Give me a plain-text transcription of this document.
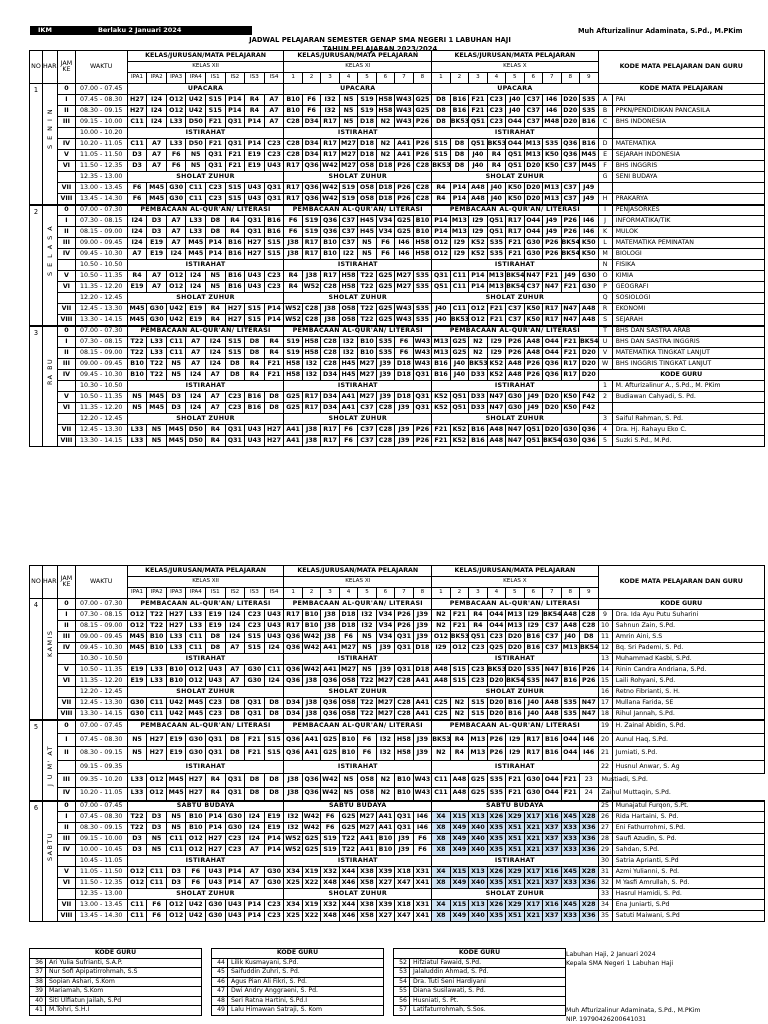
IKM	Berlaku 2 Januari 2024	Muh Afturizalinur Adaminata, S.Pd., M.PKim
JADWAL PELAJARAN SEMESTER GENAP SMA NEGERI 1 LABUHAN HAJI
TAHUN PELAJARAN 2023/2024
NO	HARI	JAM
KE	WAKTU	KELAS/JURUSAN/MATA PELAJARAN								KELAS/JURUSAN/MATA PELAJARAN								KELAS/JURUSAN/MATA PELAJARAN									KODE MATA PELAJARAN DAN GURU	
				KELAS XII								KELAS XI								KELAS X										
				IPA1	IPA2	IPA3	IPA4	IS1	IS2	IS3	IS4	1	2	3	4	5	6	7	8	1	2	3	4	5	6	7	8	9		

1	S E N I N	0	07.00 - 07.45	UPACARA								UPACARA								UPACARA									KODE MATA PELAJARAN	
		I	07.45 - 08.30	H27	I24	O12	U42	S15	P14	R4	A7	B10	F6	I32	N5	S19	H58	W43	G25	D8	B16	F21	C23	J40	C37	I46	D20	S35	A	PAI
		II	08.30 - 09.15	H27	I24	O12	U42	S15	P14	R4	A7	B10	F6	I32	N5	S19	H58	W43	G25	D8	B16	F21	C23	J40	C37	I46	D20	S35	B	PPKN/PENDIDIKAN PANCASILA
		III	09.15 - 10.00	C11	I24	L33	D50	F21	Q31	P14	A7	C28	D34	R17	N5	D18	N2	W43	P26	D8	BK53	Q51	C23	O44	C37	M48	D20	B16	C	BHS INDONESIA
			10.00 - 10.20	ISTIRAHAT								ISTIRAHAT								ISTIRAHAT										
		IV	10.20 - 11.05	C11	A7	L33	D50	F21	Q31	P14	C23	C28	D34	R17	M27	D18	N2	A41	P26	S15	D8	Q51	BK53	O44	M13	S35	Q36	B16	D	MATEMATIKA
		V	11.05 - 11.50	D3	A7	F6	N5	Q31	F21	E19	C23	C28	D34	R17	M27	D18	N2	A41	P26	S15	D8	J40	R4	Q51	M13	K50	Q36	M45	E	SEJARAH INDONESIA
		VI	11.50 - 12.35	D3	A7	F6	N5	Q31	F21	E19	U43	R17	Q36	W42	M27	O58	D18	P26	C28	BK53	D8	J40	R4	Q51	D20	K50	C37	M45	F	BHS INGGRIS
			12.35 - 13.00	SHOLAT ZUHUR								SHOLAT ZUHUR								SHOLAT ZUHUR									G	SENI BUDAYA
		VII	13.00 - 13.45	F6	M45	G30	C11	C23	S15	U43	Q31	R17	Q36	W42	S19	O58	D18	P26	C28	R4	P14	A48	J40	K50	D20	M13	C37	J49		
		VIII	13.45 - 14.30	F6	M45	G30	C11	C23	S15	U43	Q31	R17	Q36	W42	S19	O58	D18	P26	C28	R4	P14	A48	J40	K50	D20	M13	C37	J49	H	PRAKARYA

2	S E L A S A	0	07.00 - 07.30	PEMBACAAN AL-QUR'AN/ LITERASI								PEMBACAAN AL-QUR'AN/ LITERASI								PEMBACAAN AL-QUR'AN/ LITERASI									I	PENJASORKES
		I	07.30 - 08.15	I24	D3	A7	L33	D8	R4	Q31	B16	F6	S19	Q36	C37	H45	V34	G25	B10	P14	M13	I29	Q51	R17	O44	J49	P26	I46	J	INFORMATIKA/TIK
		II	08.15 - 09.00	I24	D3	A7	L33	D8	R4	Q31	B16	F6	S19	Q36	C37	H45	V34	G25	B10	P14	M13	I29	Q51	R17	O44	J49	P26	I46	K	MULOK
		III	09.00 - 09.45	I24	E19	A7	M45	P14	B16	H27	S15	J38	R17	B10	C37	N5	F6	I46	H58	O12	I29	K52	S35	F21	G30	P26	BK54	K50	L	MATEMATIKA PEMINATAN
		IV	09.45 - 10.30	A7	E19	I24	M45	P14	B16	H27	S15	J38	R17	B10	I22	N5	F6	I46	H58	O12	I29	K52	S35	F21	G30	P26	BK54	K50	M	BIOLOGI
			10.50 - 10.50	ISTIRAHAT								ISTIRAHAT								ISTIRAHAT									N	FISIKA
		V	10.50 - 11.35	R4	A7	O12	I24	N5	B16	U43	C23	R4	J38	R17	H58	T22	G25	M27	S35	Q31	C11	P14	M13	BK54	N47	F21	J49	G30	O	KIMIA
		VI	11.35 - 12.20	E19	A7	O12	I24	N5	B16	U43	C23	R4	W52	C28	H58	T22	G25	M27	S35	Q51	C11	P14	M13	BK54	C37	N47	F21	G30	P	GEOGRAFI
			12.20 - 12.45	SHOLAT ZUHUR								SHOLAT ZUHUR								SHOLAT ZUHUR									Q	SOSIOLOGI
		VII	12.45 - 13.30	M45	G30	U42	E19	R4	H27	S15	P14	W52	C28	J38	O58	T22	G25	W43	S35	J40	C11	O12	F21	C37	K50	R17	N47	A48	R	EKONOMI
		VIII	13.30 - 14.15	M45	G30	U42	E19	R4	H27	S15	P14	W52	C28	J38	O58	T22	G25	W43	S35	J40	BK53	O12	F21	C37	K50	R17	N47	A48	S	SEJARAH

3	RA BU	0	07.00 - 07.30	PEMBACAAN AL-QUR'AN/ LITERASI								PEMBACAAN AL-QUR'AN/ LITERASI								PEMBACAAN AL-QUR'AN/ LITERASI									T	BHS DAN SASTRA ARAB
		I	07.30 - 08.15	T22	L33	C11	A7	I24	S15	D8	R4	S19	H58	C28	I32	B10	S35	F6	W43	M13	G25	N2	I29	P26	A48	O44	F21	BK54	U	BHS DAN SASTRA INGGRIS
		II	08.15 - 09.00	T22	L33	C11	A7	I24	S15	D8	R4	S19	H58	C28	I32	B10	S35	F6	W43	M13	G25	N2	I29	P26	A48	O44	F21	D20	V	MATEMATIKA TINGKAT LANJUT
		III	09.00 - 09.45	B10	T22	N5	A7	I24	D8	R4	F21	H58	I32	C28	H45	M27	J39	D18	W43	B16	J40	BK53	K52	A48	P26	Q36	R17	D20	W	BHS INGGRIS TINGKAT LANJUT
		IV	09.45 - 10.30	B10	T22	N5	I24	A7	D8	R4	F21	H58	I32	D34	H45	M27	J39	D18	Q31	B16	J40	D33	K52	A48	P26	Q36	R17	D20	KODE GURU	
			10.30 - 10.50	ISTIRAHAT								ISTIRAHAT								ISTIRAHAT									1	M. Afturizalinur A., S.Pd., M. PKim
		V	10.50 - 11.35	N5	M45	D3	I24	A7	C23	B16	D8	G25	R17	D34	A41	M27	J39	D18	Q31	K52	Q51	D33	N47	G30	J49	D20	K50	F42	2	Budiawan Cahyadi, S. Pd.
		VI	11.35 - 12.20	N5	M45	D3	I24	A7	C23	B16	D8	G25	R17	D34	A41	C37	C28	J39	Q31	K52	Q51	D33	N47	G30	J49	D20	K50	F42		
			12.20 - 12.45	SHOLAT ZUHUR								SHOLAT ZUHUR								SHOLAT ZUHUR									3	Saiful Rahman, S. Pd.
		VII	12.45 - 13.30	L33	N5	M45	D50	R4	Q31	U43	H27	A41	J38	R17	F6	C37	C28	J39	P26	F21	K52	B16	A48	N47	Q51	D20	G30	Q36	4	Dra. Hj. Rahayu Eko C.
		VIII	13.30 - 14.15	L33	N5	M45	D50	R4	Q31	U43	H27	A41	J38	R17	F6	C37	C28	J39	P26	F21	K52	B16	A48	N47	Q51	BK54	G30	Q36	5	Suzki S.Pd., M.Pd.
NO	HARI	JAM
KE	WAKTU	KELAS/JURUSAN/MATA PELAJARAN								KELAS/JURUSAN/MATA PELAJARAN								KELAS/JURUSAN/MATA PELAJARAN									KODE MATA PELAJARAN DAN GURU	
				KELAS XII								KELAS XI								KELAS X										
				IPA1	IPA2	IPA3	IPA4	IS1	IS2	IS3	IS4	1	2	3	4	5	6	7	8	1	2	3	4	5	6	7	8	9		

4	KAMIS	0	07.00 - 07.30	PEMBACAAN AL-QUR'AN/ LITERASI								PEMBACAAN AL-QUR'AN/ LITERASI								PEMBACAAN AL-QUR'AN/ LITERASI									KODE GURU	
		I	07.30 - 08.15	O12	T22	H27	L33	E19	I24	C23	U43	R17	B10	J38	D18	I32	V34	P26	J39	N2	F21	R4	O44	M13	I29	BK54	A48	C28	9	Dra. Ida Ayu Putu Suharini
		II	08.15 - 09.00	O12	T22	H27	L33	E19	I24	C23	U43	R17	B10	J38	D18	I32	V34	P26	J39	N2	F21	R4	O44	M13	I29	C37	A48	C28	10	Sahnun Zain, S.Pd.
		III	09.00 - 09.45	M45	B10	L33	C11	D8	I24	S15	U43	Q36	W42	J38	F6	N5	V34	Q31	J39	O12	BK53	Q51	C23	D20	B16	C37	J40	D8	11	Amrin Aini, S.S
		IV	09.45 - 10.30	M45	B10	L33	C11	D8	A7	S15	I24	Q36	W42	A41	M27	N5	J39	Q31	D18	I29	O12	C23	Q25	D20	B16	C37	M13	BK54	12	Bq. Sri Pademi, S. Pd.
			10.30 - 10.50	ISTIRAHAT								ISTIRAHAT								ISTIRAHAT									13	Muhammad Kasbi, S.Pd.
		V	10.50 - 11.35	E19	L33	B10	O12	U43	A7	G30	C11	Q36	W42	A41	M27	N5	J39	Q31	D18	A48	S15	C23	BK53	D20	S35	N47	B16	P26	14	Rinin Candra Andriana, S.Pd.
		VI	11.35 - 12.20	E19	L33	B10	O12	U43	A7	G30	I24	Q36	J38	Q36	O58	T22	M27	C28	A41	A48	S15	C23	D20	BK54	S35	N47	B16	P26	15	Laili Rohyani, S.Pd.
			12.20 - 12.45	SHOLAT ZUHUR								SHOLAT ZUHUR								SHOLAT ZUHUR									16	Retno Fibrianti, S. H.
		VII	12.45 - 13.30	G30	C11	U42	M45	C23	D8	Q31	D8	D34	J38	Q36	O58	T22	M27	C28	A41	C25	N2	S15	D20	B16	J40	A48	S35	N47	17	Mullana Farida, SE
		VIII	13.30 - 14.15	G30	C11	U42	M45	C23	D8	Q31	D8	D34	J38	Q36	O58	T22	M27	C28	A41	C25	N2	S15	D20	B16	J40	A48	S35	N47	18	Rihul Jannah, S.Pd.

5	J U M' AT	0	07.00 - 07.45	PEMBACAAN AL-QUR'AN/ LITERASI								PEMBACAAN AL-QUR'AN/ LITERASI								PEMBACAAN AL-QUR'AN/ LITERASI									19	H. Zainal Abidin, S.Pd.
		I	07.45 - 08.30	N5	H27	E19	G30	Q31	D8	F21	S15	Q36	A41	G25	B10	F6	I32	H58	J39	BK53	R4	M13	P26	I29	R17	B16	O44	I46	20	Aunul Haq, S.Pd.
		II	08.30 - 09.15	N5	H27	E19	G30	Q31	D8	F21	S15	Q36	A41	G25	B10	F6	I32	H58	J39	N2	R4	M13	P26	I29	R17	B16	O44	I46	21	Jumiati, S.Pd.
			09.15 - 09.35	ISTIRAHAT								ISTIRAHAT								ISTIRAHAT									22	Husnul Anwar, S. Ag
		III	09.35 - 10.20	L33	O12	M45	H27	R4	Q31	D8	D8	J38	Q36	W42	N5	O58	N2	B10	W43	C11	A48	G25	S35	F21	G30	O44	F21	23	Mustiadi, S.Pd.	
		IV	10.20 - 11.05	L33	O12	M45	H27	R4	Q31	D8	D8	J38	Q36	W42	N5	O58	N2	B10	W43	C11	A48	G25	S35	F21	G30	O44	F21	24	Zainul Muttaqin, S.Pd.	

6	SABTU	0	07.00 - 07.45	SABTU BUDAYA								SABTU BUDAYA								SABTU BUDAYA									25	Munajatul Furqon, S.Pt.
		I	07.45 - 08.30	T22	D3	N5	B10	P14	G30	I24	E19	I32	W42	F6	G25	M27	A41	Q31	I46	X4	X15	X13	X26	X29	X17	X16	X45	X28	26	Rida Hartaini, S. Pd.
		II	08.30 - 09.15	T22	D3	N5	B10	P14	G30	I24	E19	I32	W42	F6	G25	M27	A41	Q31	I46	X8	X49	X40	X35	X51	X21	X37	X33	X36	27	Eni Fathurrohmi, S.Pd.
		III	09.15 - 10.00	D3	N5	C11	O12	H27	C23	I24	P14	W52	G25	S19	T22	A41	B10	J39	F6	X8	X49	X40	X35	X51	X21	X37	X33	X36	28	Saufi Azudin, S. Pd.
		IV	10.00 - 10.45	D3	N5	C11	O12	H27	C23	A7	P14	W52	G25	S19	T22	A41	B10	J39	F6	X8	X49	X40	X35	X51	X21	X37	X33	X36	29	Sahdan, S.Pd.
			10.45 - 11.05	ISTIRAHAT								ISTIRAHAT								ISTIRAHAT									30	Satria Aprianti, S.Pd
		V	11.05 - 11.50	O12	C11	D3	F6	U43	P14	A7	G30	X34	X19	X32	X44	X38	X39	X18	X31	X4	X15	X13	X26	X29	X17	X16	X45	X28	31	Azmi Yulianni, S. Pd.
		VI	11.50 - 12.35	O12	C11	D3	F6	U43	P14	A7	G30	X25	X22	X48	X46	X58	X27	X47	X41	X8	X49	X40	X35	X51	X21	X37	X33	X36	32	M Yasfi Amrullah, S. Pd.
			12.35 - 13.00	SHOLAT ZUHUR								SHOLAT ZUHUR								SHOLAT ZUHUR									33	Hasrul Hamidi, S. Pd.
		VII	13.00 - 13.45	C11	F6	O12	U42	G30	U43	P14	C23	X34	X19	X32	X44	X38	X39	X18	X31	X4	X15	X13	X26	X29	X17	X16	X45	X28	34	Ena Juniarti, S.Pd
		VIII	13.45 - 14.30	C11	F6	O12	U42	G30	U43	P14	C23	X25	X22	X48	X46	X58	X27	X47	X41	X8	X49	X40	X35	X51	X21	X37	X33	X36	35	Satuti Maiwani, S.Pd
KODE GURU			KODE GURU			KODE GURU	
36	Ari Yulia Sufrianti, S.A.P.		44	Lilik Kusmayani, S.Pd.		52	Hifziatul Fawaid, S.Pd.
37	Nur Sofi Apipatirrohmah, S.S		45	Saifuddin Zuhri, S. Pd.		53	Jalaluddin Ahmad, S. Pd.
38	Sopian Ashari, S.Kom		46	Agus Pian Ali Fikri, S. Pd.		54	Dra. Tuti Seni Hardiyani
39	Mariamah, S.Kom		47	Dwi Andry Anggraeni, S. Pd.		55	Diana Susilawati, S. Pd.
40	Siti Ulfiatun Jailah, S.Pd		48	Seri Ratna Hartini, S.Pd.I		56	Husniati, S. Pt.
41	M.Tohri, S.H.I		49	Lalu Himawan Satraji, S. Kom		57	Latifaturrohmah, S.Sos.
Labuhan Haji, 2 Januari 2024
Kepala SMA Negeri 1 Labuhan Haji
Muh Afturizalinur Adaminata, S.Pd., M.PKim
NIP. 19790426200641031
